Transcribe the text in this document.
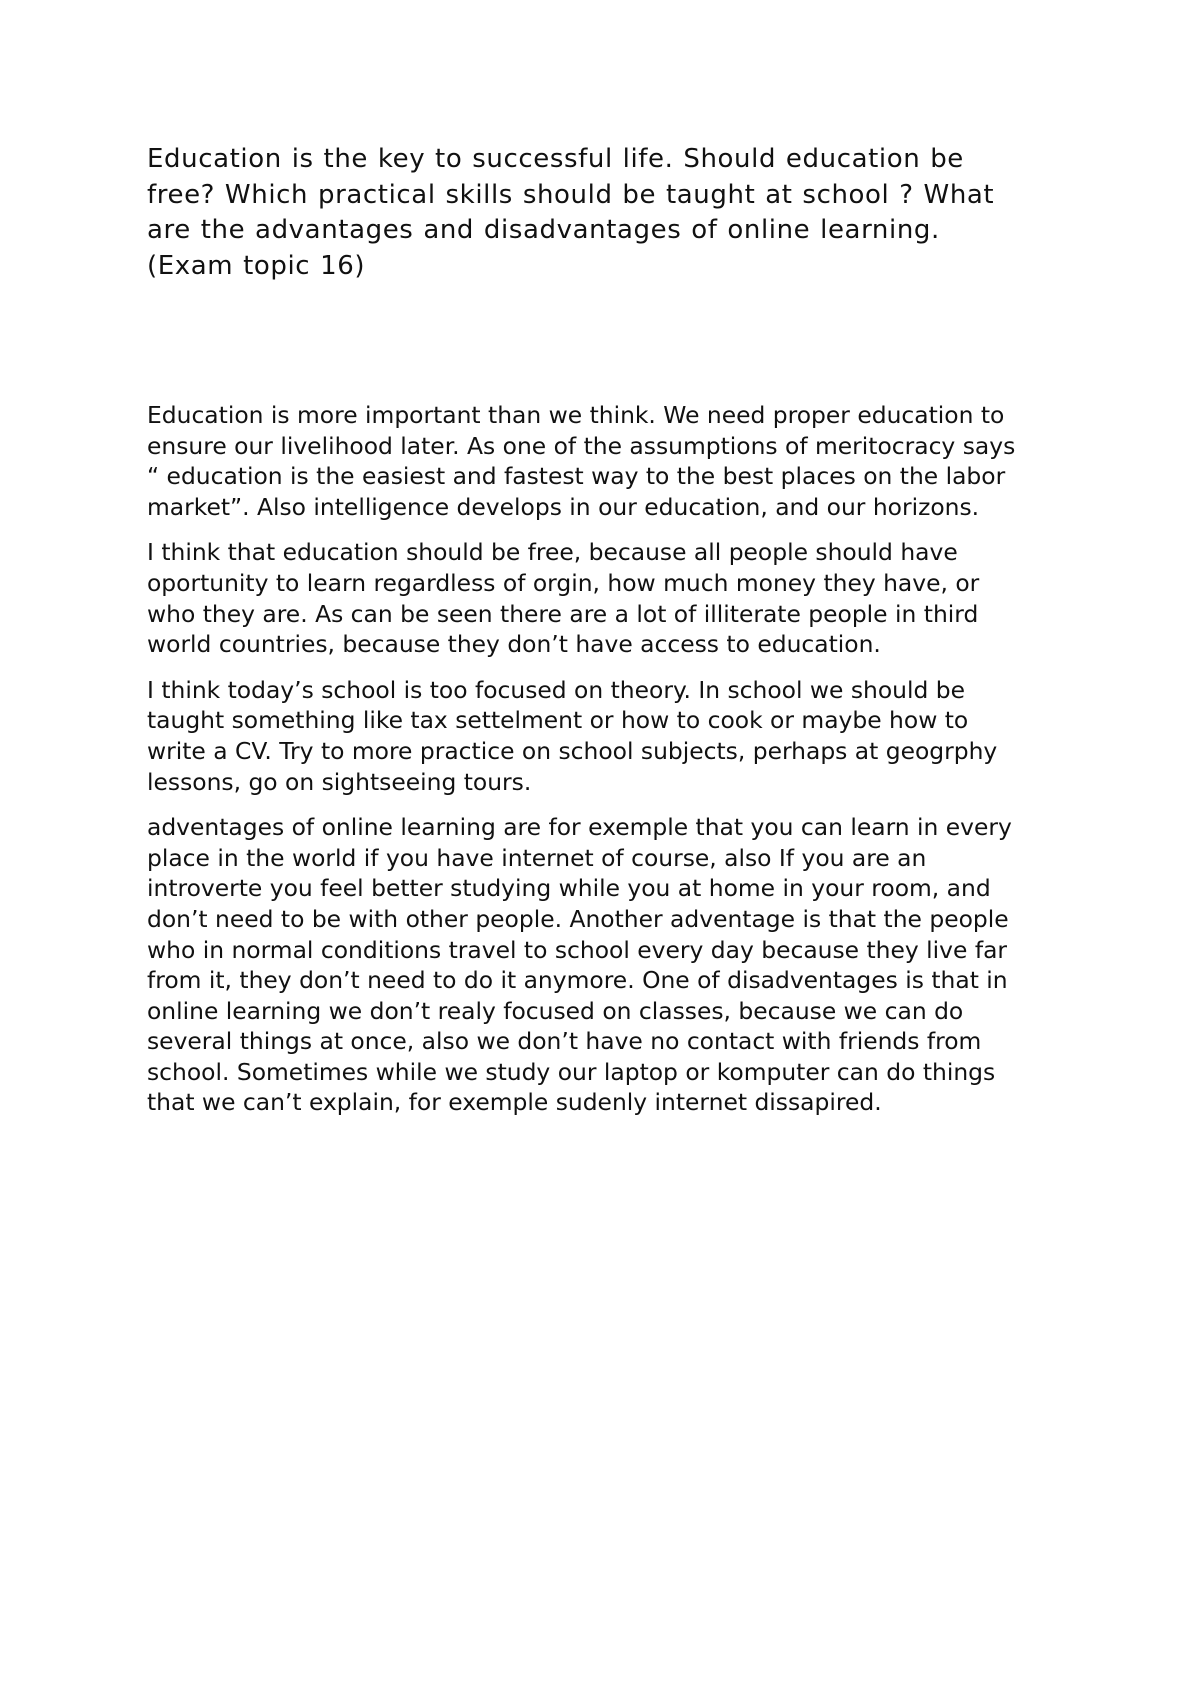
Education is the key to successful life. Should education be
free? Which practical skills should be taught at school ? What
are the advantages and disadvantages of online learning.
(Exam topic 16)

Education is more important than we think. We need proper education to
ensure our livelihood later. As one of the assumptions of meritocracy says
“ education is the easiest and fastest way to the best places on the labor
market”. Also intelligence develops in our education, and our horizons.

I think that education should be free, because all people should have
oportunity to learn regardless of orgin, how much money they have, or
who they are. As can be seen there are a lot of illiterate people in third
world countries, because they don’t have access to education.

I think today’s school is too focused on theory. In school we should be
taught something like tax settelment or how to cook or maybe how to
write a CV. Try to more practice on school subjects, perhaps at geogrphy
lessons, go on sightseeing tours.

adventages of online learning are for exemple that you can learn in every
place in the world if you have internet of course, also If you are an
introverte you feel better studying while you at home in your room, and
don’t need to be with other people. Another adventage is that the people
who in normal conditions travel to school every day because they live far
from it, they don’t need to do it anymore. One of disadventages is that in
online learning we don’t realy focused on classes, because we can do
several things at once, also we don’t have no contact with friends from
school. Sometimes while we study our laptop or komputer can do things
that we can’t explain, for exemple sudenly internet dissapired.
